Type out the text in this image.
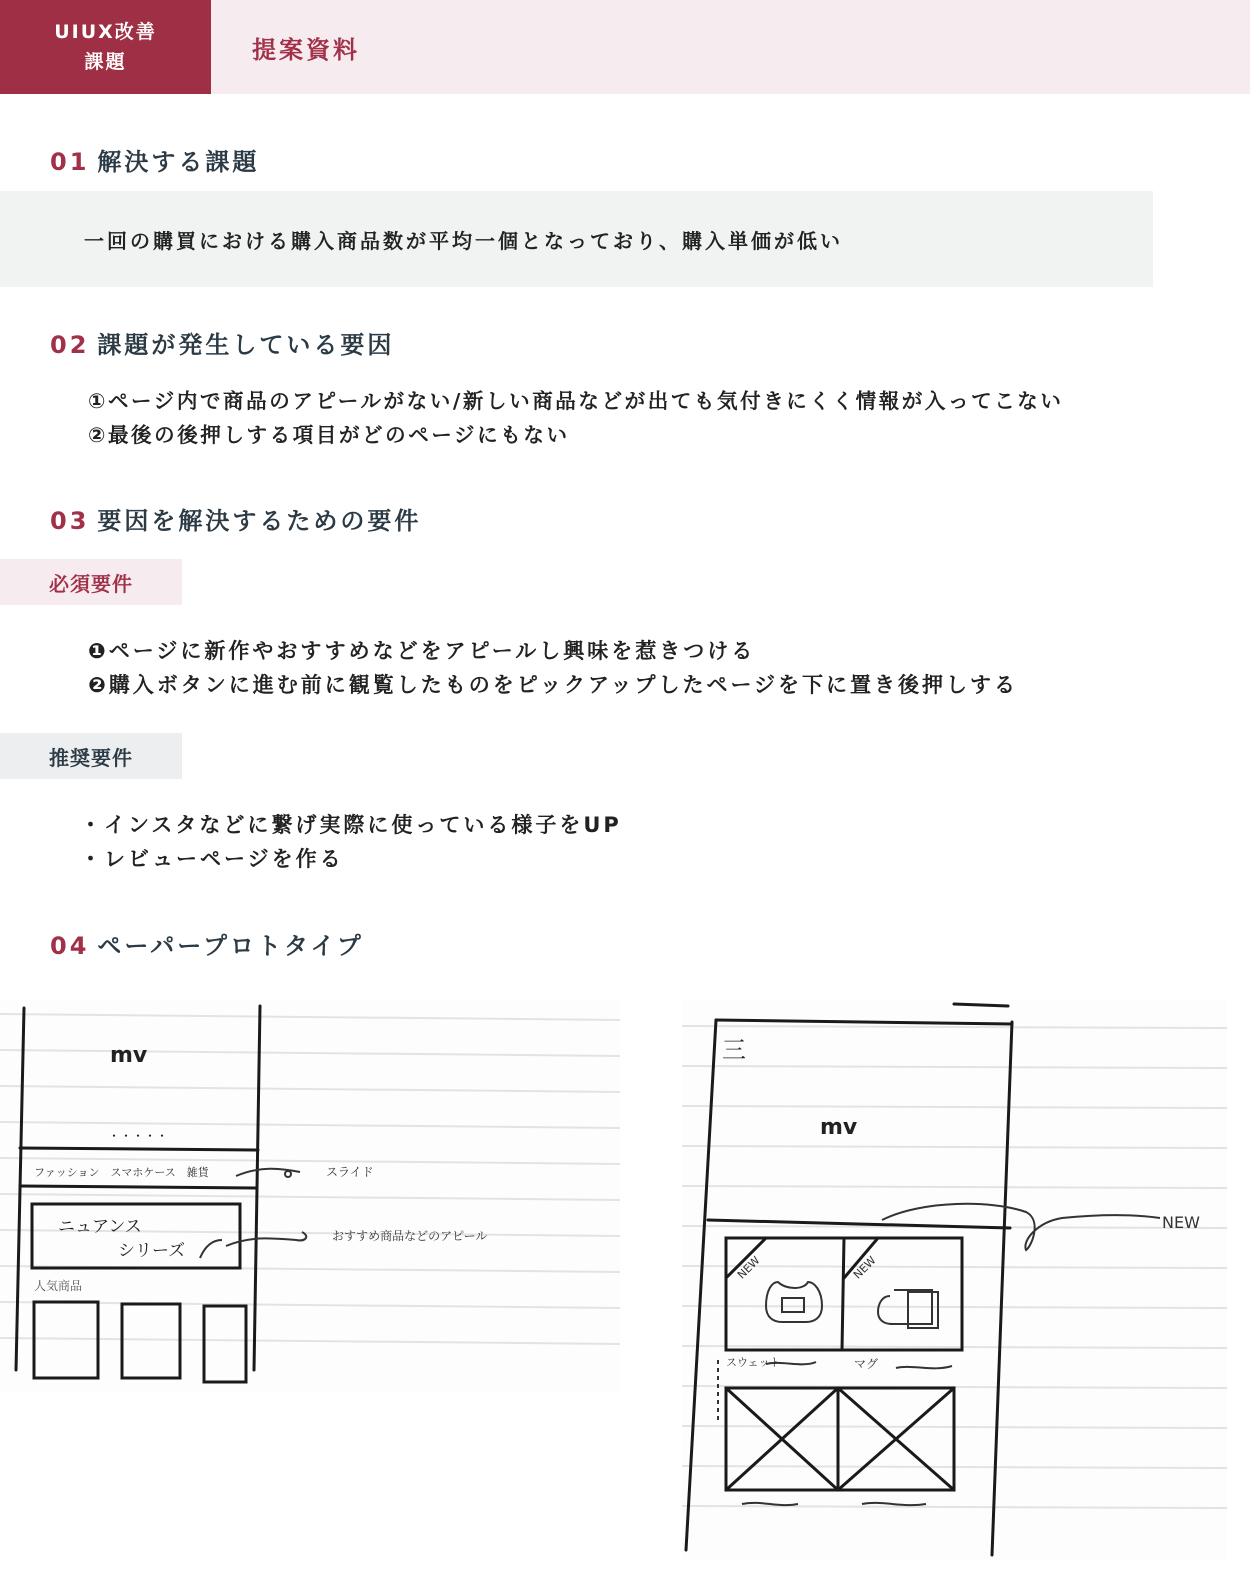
UIUX改善
課題	提案資料
01 解決する課題
一回の購買における購入商品数が平均一個となっており、購入単価が低い
02 課題が発生している要因
①ページ内で商品のアピールがない/新しい商品などが出ても気付きにくく情報が入ってこない
②最後の後押しする項目がどのページにもない
03 要因を解決するための要件
必須要件
❶ページに新作やおすすめなどをアピールし興味を惹きつける
❷購入ボタンに進む前に観覧したものをピックアップしたページを下に置き後押しする
推奨要件
・インスタなどに繋げ実際に使っている様子をUP
・レビューページを作る
04 ペーパープロトタイプ
mv
・・・・・
ファッション　スマホケース　雑貨	スライド
ニュアンス
シリーズ
おすすめ商品などのアピール
人気商品
三
mv
NEW
NEW	NEW
スウェット	マグ
